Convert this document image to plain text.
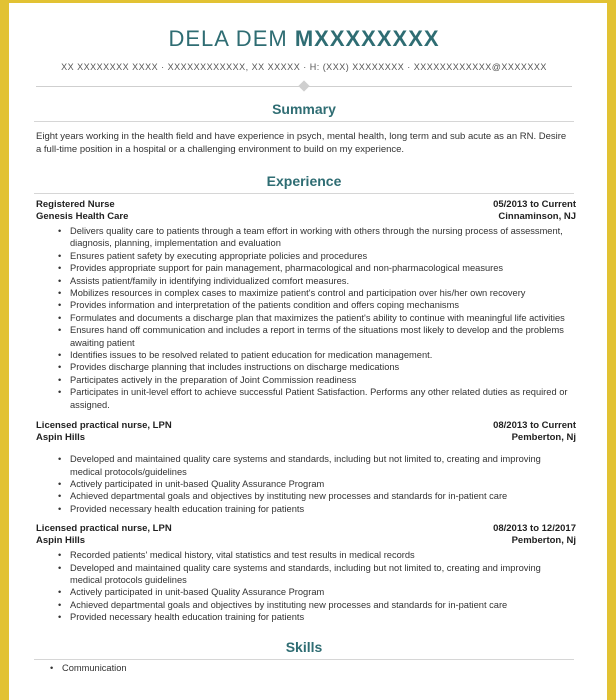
DELA DEM MXXXXXXXX
XX XXXXXXXX XXXX · XXXXXXXXXXXX, XX XXXXX · H: (XXX) XXXXXXXX · XXXXXXXXXXXX@XXXXXXX
Summary

Eight years working in the health field and have experience in psych, mental health, long term and sub acute as an RN. Desire a full-time position in a hospital or a challenging environment to build on my experience.

Experience
Registered Nurse	05/2013 to Current
Genesis Health Care	Cinnaminson, NJ
• Delivers quality care to patients through a team effort in working with others through the nursing process of assessment, diagnosis, planning, implementation and evaluation
• Ensures patient safety by executing appropriate policies and procedures
• Provides appropriate support for pain management, pharmacological and non-pharmacological measures
• Assists patient/family in identifying individualized comfort measures.
• Mobilizes resources in complex cases to maximize patient's control and participation over his/her own recovery
• Provides information and interpretation of the patients condition and offers coping mechanisms
• Formulates and documents a discharge plan that maximizes the patient's ability to continue with meaningful life activities
• Ensures hand off communication and includes a report in terms of the situations most likely to develop and the problems awaiting patient
• Identifies issues to be resolved related to patient education for medication management.
• Provides discharge planning that includes instructions on discharge medications
• Participates actively in the preparation of Joint Commission readiness
• Participates in unit-level effort to achieve successful Patient Satisfaction. Performs any other related duties as required or assigned.
Licensed practical nurse, LPN	08/2013 to Current
Aspin Hills	Pemberton, Nj
• Developed and maintained quality care systems and standards, including but not limited to, creating and improving medical protocols/guidelines
• Actively participated in unit-based Quality Assurance Program
• Achieved departmental goals and objectives by instituting new processes and standards for in-patient care
• Provided necessary health education training for patients
Licensed practical nurse, LPN	08/2013 to 12/2017
Aspin Hills	Pemberton, Nj
• Recorded patients' medical history, vital statistics and test results in medical records
• Developed and maintained quality care systems and standards, including but not limited to, creating and improving medical protocols guidelines
• Actively participated in unit-based Quality Assurance Program
• Achieved departmental goals and objectives by instituting new processes and standards for in-patient care
• Provided necessary health education training for patients
Skills
• Communication
